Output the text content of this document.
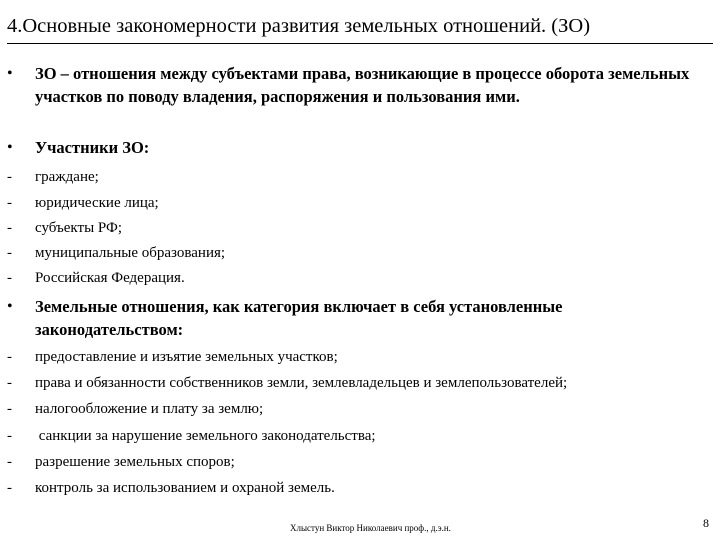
4.Основные закономерности развития земельных отношений. (ЗО)
• ЗО – отношения между субъектами права, возникающие в процессе оборота земельных участков по поводу владения, распоряжения и пользования ими.
• Участники ЗО:
- граждане;
- юридические лица;
- субъекты РФ;
- муниципальные образования;
- Российская Федерация.
• Земельные отношения, как категория включает в себя установленные законодательством:
- предоставление и изъятие земельных участков;
- права и обязанности собственников земли, землевладельцев и землепользователей;
- налогообложение и плату за землю;
- санкции за нарушение земельного законодательства;
- разрешение земельных споров;
- контроль за использованием и охраной земель.
Хлыстун Виктор Николаевич проф., д.э.н.	8
